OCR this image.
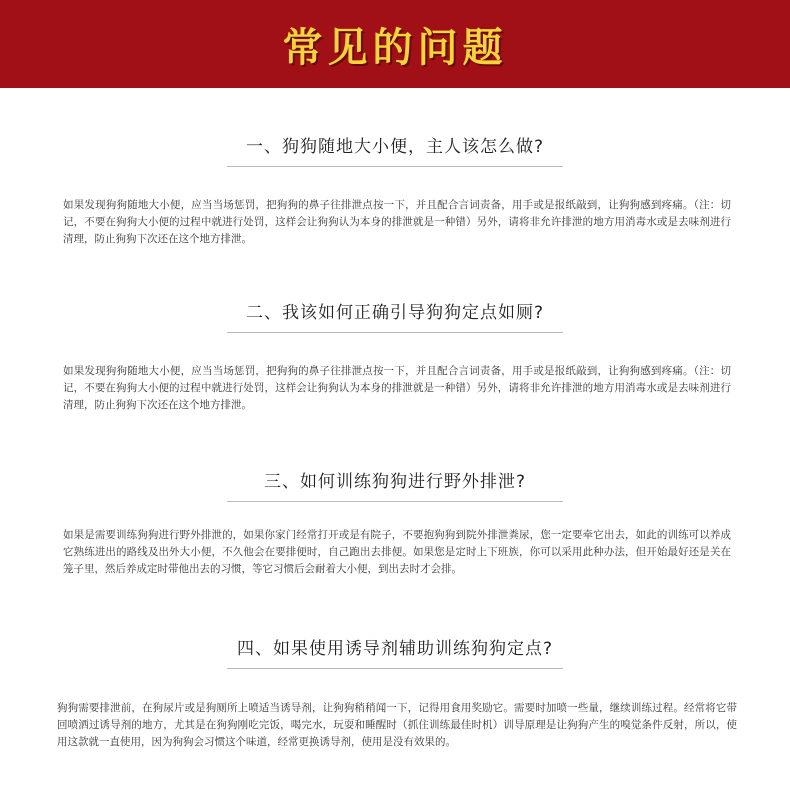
常见的问题
一、狗狗随地大小便，主人该怎么做?

如果发现狗狗随地大小便，应当当场惩罚，把狗狗的鼻子往排泄点按一下，并且配合言词责备，用手或是报纸敲到，让狗狗感到疼痛。（注：切记，不要在狗狗大小便的过程中就进行处罚，这样会让狗狗认为本身的排泄就是一种错）另外，请将非允许排泄的地方用消毒水或是去味剂进行清理，防止狗狗下次还在这个地方排泄。

二、我该如何正确引导狗狗定点如厕?

如果发现狗狗随地大小便，应当当场惩罚，把狗狗的鼻子往排泄点按一下，并且配合言词责备，用手或是报纸敲到，让狗狗感到疼痛。（注：切记，不要在狗狗大小便的过程中就进行处罚，这样会让狗狗认为本身的排泄就是一种错）另外，请将非允许排泄的地方用消毒水或是去味剂进行清理，防止狗狗下次还在这个地方排泄。

三、如何训练狗狗进行野外排泄?

如果是需要训练狗狗进行野外排泄的，如果你家门经常打开或是有院子，不要抱狗狗到院外排泄粪尿，您一定要牵它出去，如此的训练可以养成它熟练进出的路线及出外大小便，不久他会在要排便时，自己跑出去排便。如果您是定时上下班族，你可以采用此种办法，但开始最好还是关在笼子里，然后养成定时带他出去的习惯，等它习惯后会耐着大小便，到出去时才会排。

四、如果使用诱导剂辅助训练狗狗定点?

狗狗需要排泄前，在狗尿片或是狗厕所上喷适当诱导剂，让狗狗稍稍闻一下，记得用食用奖励它。需要时加喷一些量，继续训练过程。经常将它带回喷洒过诱导剂的地方，尤其是在狗狗刚吃完饭，喝完水，玩耍和睡醒时（抓住训练最佳时机）训导原理是让狗狗产生的嗅觉条件反射，所以，使用这款就一直使用，因为狗狗会习惯这个味道，经常更换诱导剂，使用是没有效果的。
